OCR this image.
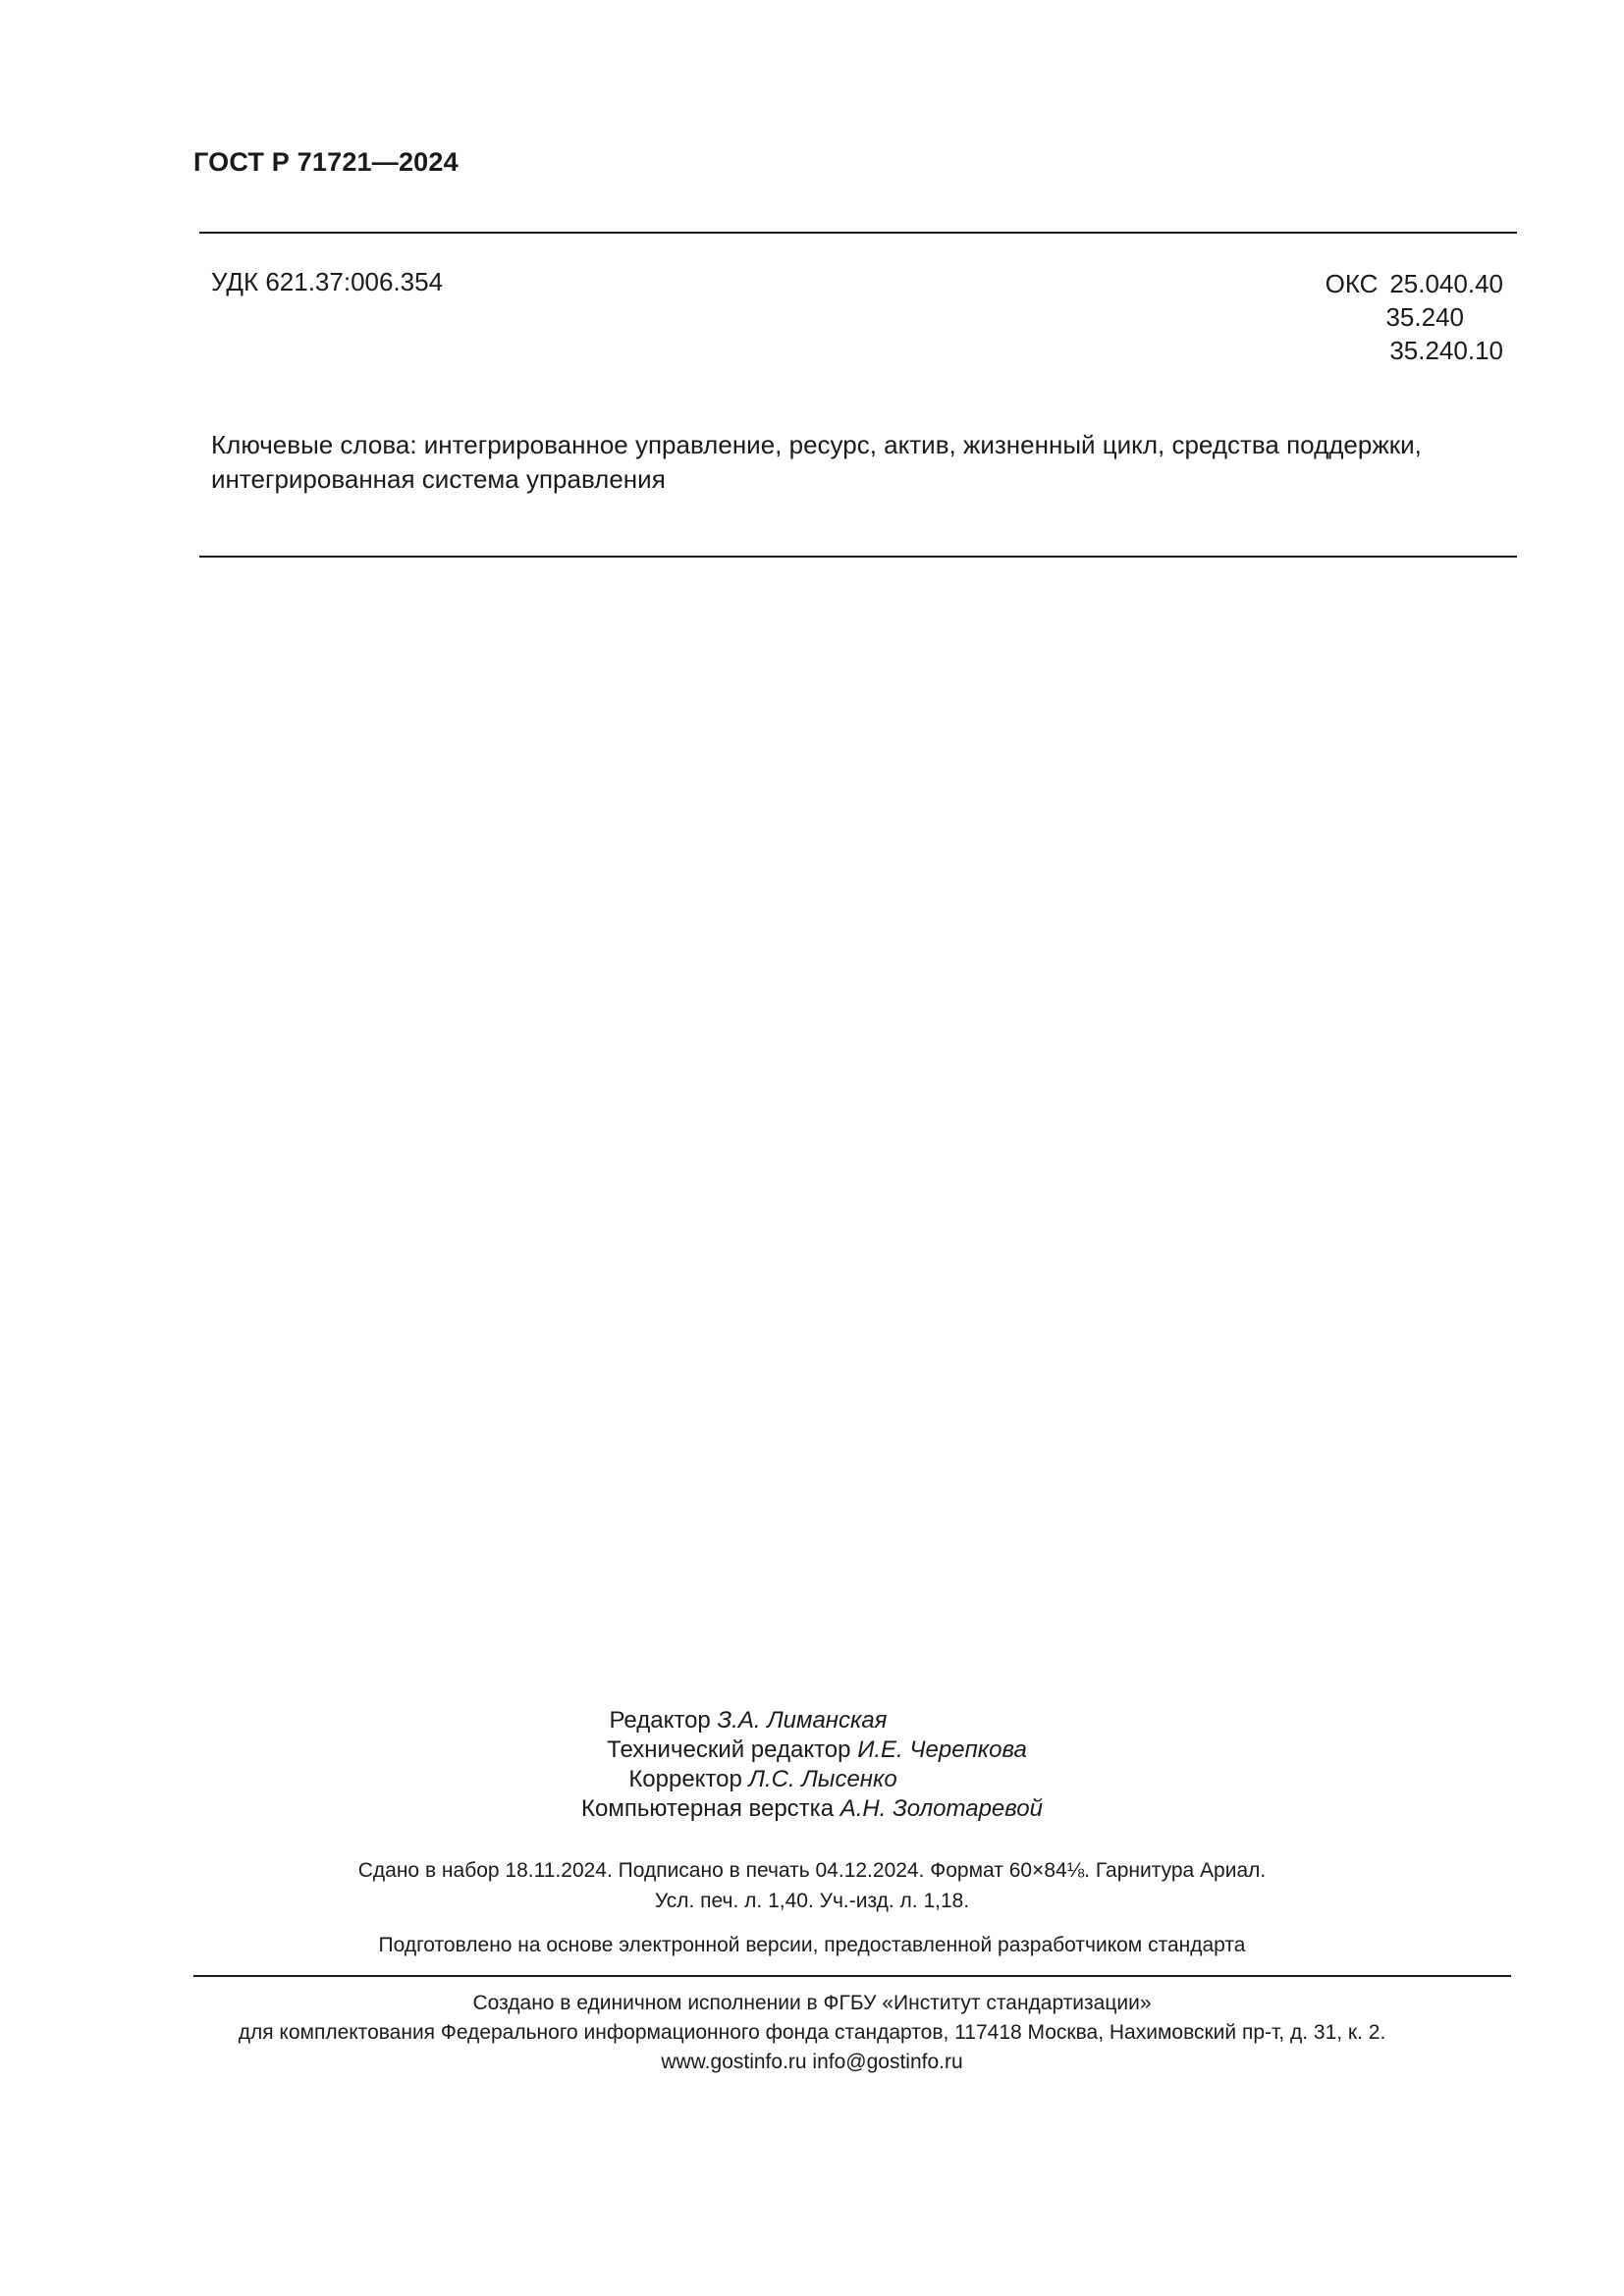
ГОСТ Р 71721—2024
УДК 621.37:006.354	ОКС 25.040.40
35.240
35.240.10
Ключевые слова: интегрированное управление, ресурс, актив, жизненный цикл, средства поддержки, интегрированная система управления
Редактор З.А. Лиманская
Технический редактор И.Е. Черепкова
Корректор Л.С. Лысенко
Компьютерная верстка А.Н. Золотаревой
Сдано в набор 18.11.2024. Подписано в печать 04.12.2024. Формат 60×84⅛. Гарнитура Ариал.
Усл. печ. л. 1,40. Уч.-изд. л. 1,18.
Подготовлено на основе электронной версии, предоставленной разработчиком стандарта
Создано в единичном исполнении в ФГБУ «Институт стандартизации»
для комплектования Федерального информационного фонда стандартов, 117418 Москва, Нахимовский пр-т, д. 31, к. 2.
www.gostinfo.ru info@gostinfo.ru
